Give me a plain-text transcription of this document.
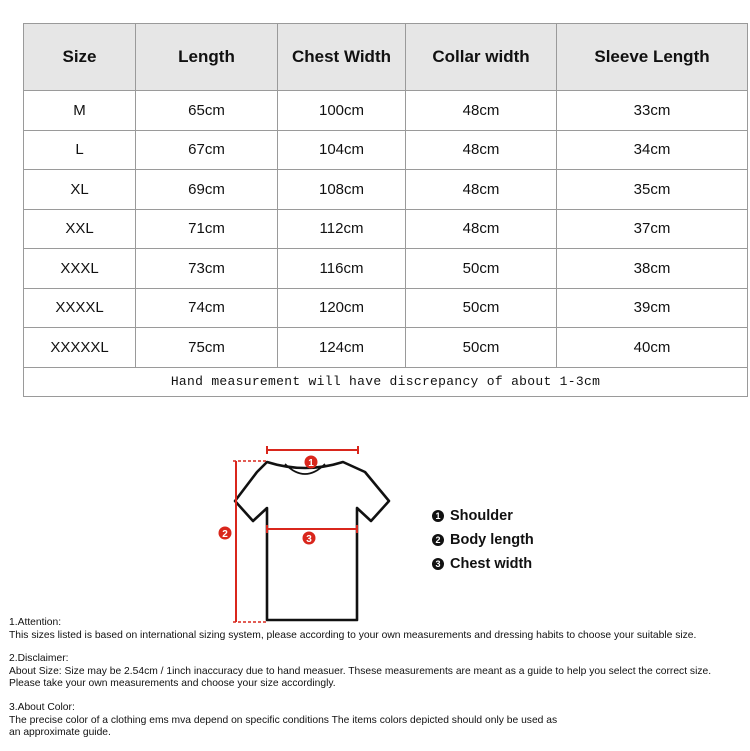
Size	Length	Chest Width	Collar width	Sleeve Length
M	65cm	100cm	48cm	33cm
L	67cm	104cm	48cm	34cm
XL	69cm	108cm	48cm	35cm
XXL	71cm	112cm	48cm	37cm
XXXL	73cm	116cm	50cm	38cm
XXXXL	74cm	120cm	50cm	39cm
XXXXXL	75cm	124cm	50cm	40cm
Hand measurement will have discrepancy of about 1-3cm				
1
2	3
1 Shoulder
2 Body length
3 Chest width

1.Attention:
This sizes listed is based on international sizing system, please according to your own measurements and dressing habits to choose your suitable size.

2.Disclaimer:
About Size: Size may be 2.54cm / 1inch inaccuracy due to hand measuer. Thsese measurements are meant as a guide to help you select the correct size.
Please take your own measurements and choose your size accordingly.

3.About Color:
The precise color of a clothing ems mva depend on specific conditions The items colors depicted should only be used as
an approximate guide.
